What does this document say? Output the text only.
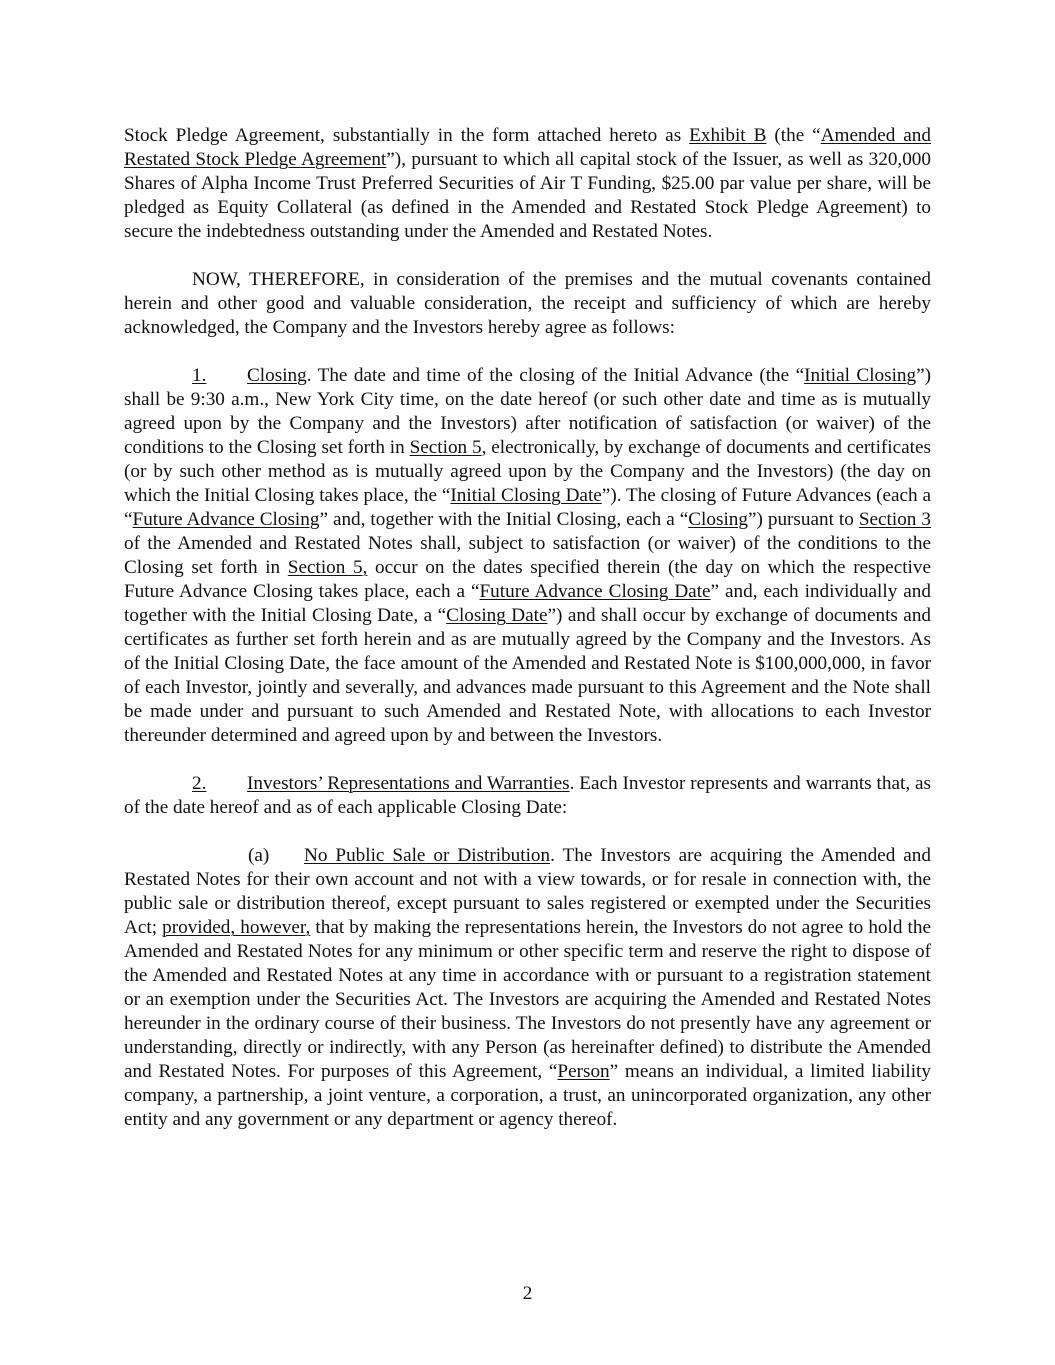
Stock Pledge Agreement, substantially in the form attached hereto as Exhibit B (the “Amended and Restated Stock Pledge Agreement”), pursuant to which all capital stock of the Issuer, as well as 320,000 Shares of Alpha Income Trust Preferred Securities of Air T Funding, $25.00 par value per share, will be pledged as Equity Collateral (as defined in the Amended and Restated Stock Pledge Agreement) to secure the indebtedness outstanding under the Amended and Restated Notes.

NOW, THEREFORE, in consideration of the premises and the mutual covenants contained herein and other good and valuable consideration, the receipt and sufficiency of which are hereby acknowledged, the Company and the Investors hereby agree as follows:

1. Closing. The date and time of the closing of the Initial Advance (the “Initial Closing”) shall be 9:30 a.m., New York City time, on the date hereof (or such other date and time as is mutually agreed upon by the Company and the Investors) after notification of satisfaction (or waiver) of the conditions to the Closing set forth in Section 5, electronically, by exchange of documents and certificates (or by such other method as is mutually agreed upon by the Company and the Investors) (the day on which the Initial Closing takes place, the “Initial Closing Date”). The closing of Future Advances (each a “Future Advance Closing” and, together with the Initial Closing, each a “Closing”) pursuant to Section 3 of the Amended and Restated Notes shall, subject to satisfaction (or waiver) of the conditions to the Closing set forth in Section 5, occur on the dates specified therein (the day on which the respective Future Advance Closing takes place, each a “Future Advance Closing Date” and, each individually and together with the Initial Closing Date, a “Closing Date”) and shall occur by exchange of documents and certificates as further set forth herein and as are mutually agreed by the Company and the Investors. As of the Initial Closing Date, the face amount of the Amended and Restated Note is $100,000,000, in favor of each Investor, jointly and severally, and advances made pursuant to this Agreement and the Note shall be made under and pursuant to such Amended and Restated Note, with allocations to each Investor thereunder determined and agreed upon by and between the Investors.

2. Investors’ Representations and Warranties. Each Investor represents and warrants that, as of the date hereof and as of each applicable Closing Date:

(a) No Public Sale or Distribution. The Investors are acquiring the Amended and Restated Notes for their own account and not with a view towards, or for resale in connection with, the public sale or distribution thereof, except pursuant to sales registered or exempted under the Securities Act; provided, however, that by making the representations herein, the Investors do not agree to hold the Amended and Restated Notes for any minimum or other specific term and reserve the right to dispose of the Amended and Restated Notes at any time in accordance with or pursuant to a registration statement or an exemption under the Securities Act. The Investors are acquiring the Amended and Restated Notes hereunder in the ordinary course of their business. The Investors do not presently have any agreement or understanding, directly or indirectly, with any Person (as hereinafter defined) to distribute the Amended and Restated Notes. For purposes of this Agreement, “Person” means an individual, a limited liability company, a partnership, a joint venture, a corporation, a trust, an unincorporated organization, any other entity and any government or any department or agency thereof.

2
